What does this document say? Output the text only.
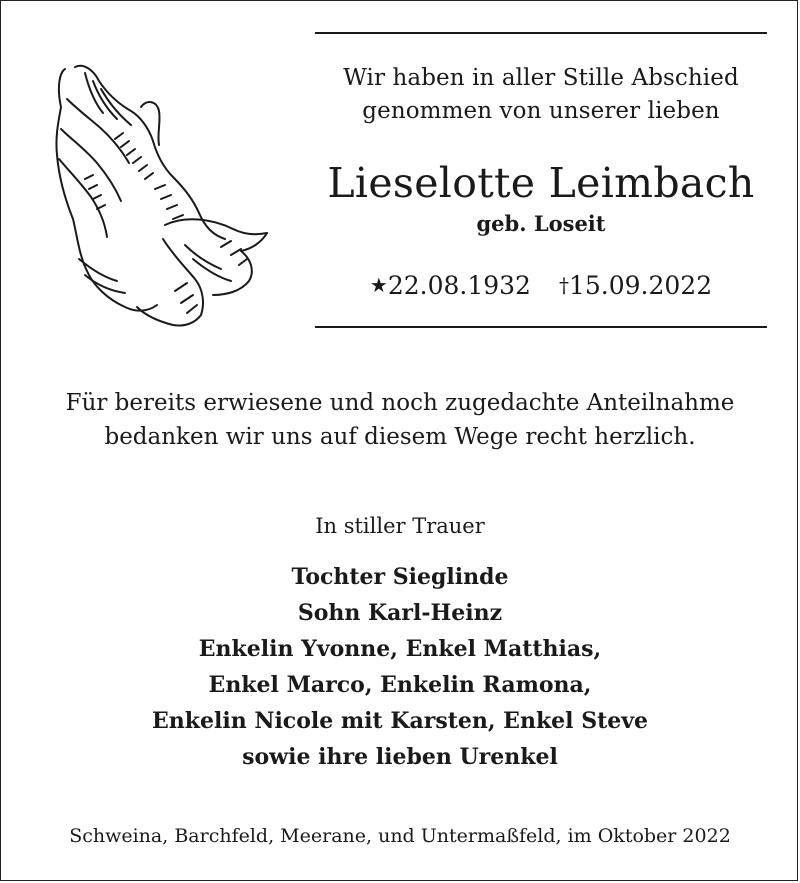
Wir haben in aller Stille Abschied
genommen von unserer lieben
Lieselotte Leimbach
geb. Loseit
★22.08.1932 †15.09.2022
Für bereits erwiesene und noch zugedachte Anteilnahme
bedanken wir uns auf diesem Wege recht herzlich.
In stiller Trauer
Tochter Sieglinde
Sohn Karl-Heinz
Enkelin Yvonne, Enkel Matthias,
Enkel Marco, Enkelin Ramona,
Enkelin Nicole mit Karsten, Enkel Steve
sowie ihre lieben Urenkel
Schweina, Barchfeld, Meerane, und Untermaßfeld, im Oktober 2022
